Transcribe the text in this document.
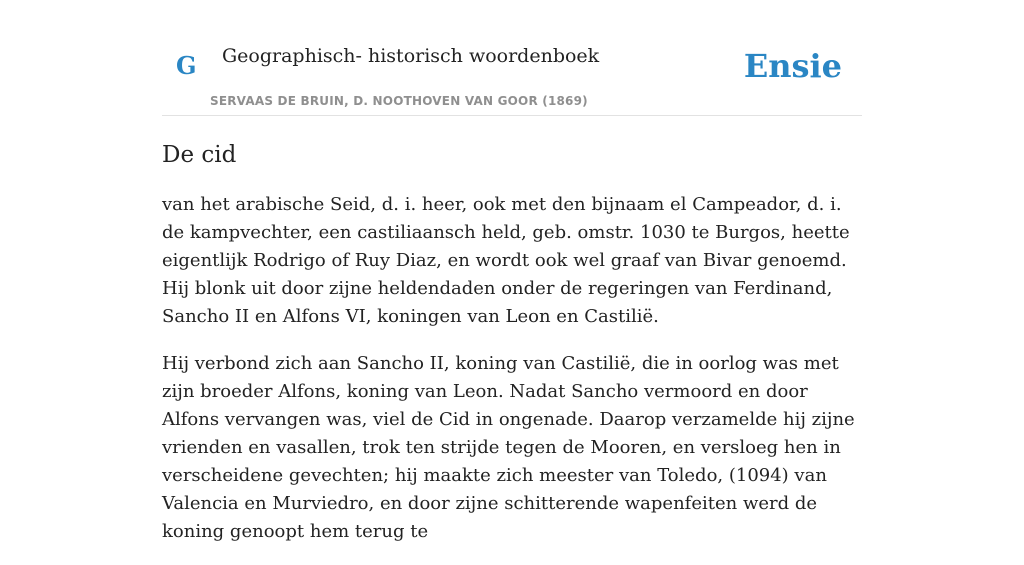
G Geographisch- historisch woordenboek
SERVAAS DE BRUIN, D. NOOTHOVEN VAN GOOR (1869)
Ensie
De cid

van het arabische Seid, d. i. heer, ook met den bijnaam el Campeador, d. i. de kampvechter, een castiliaansch held, geb. omstr. 1030 te Burgos, heette eigentlijk Rodrigo of Ruy Diaz, en wordt ook wel graaf van Bivar genoemd. Hij blonk uit door zijne heldendaden onder de regeringen van Ferdinand, Sancho II en Alfons VI, koningen van Leon en Castilië.

Hij verbond zich aan Sancho II, koning van Castilië, die in oorlog was met zijn broeder Alfons, koning van Leon. Nadat Sancho vermoord en door Alfons vervangen was, viel de Cid in ongenade. Daarop verzamelde hij zijne vrienden en vasallen, trok ten strijde tegen de Mooren, en versloeg hen in verscheidene gevechten; hij maakte zich meester van Toledo, (1094) van Valencia en Murviedro, en door zijne schitterende wapenfeiten werd de koning genoopt hem terug te
